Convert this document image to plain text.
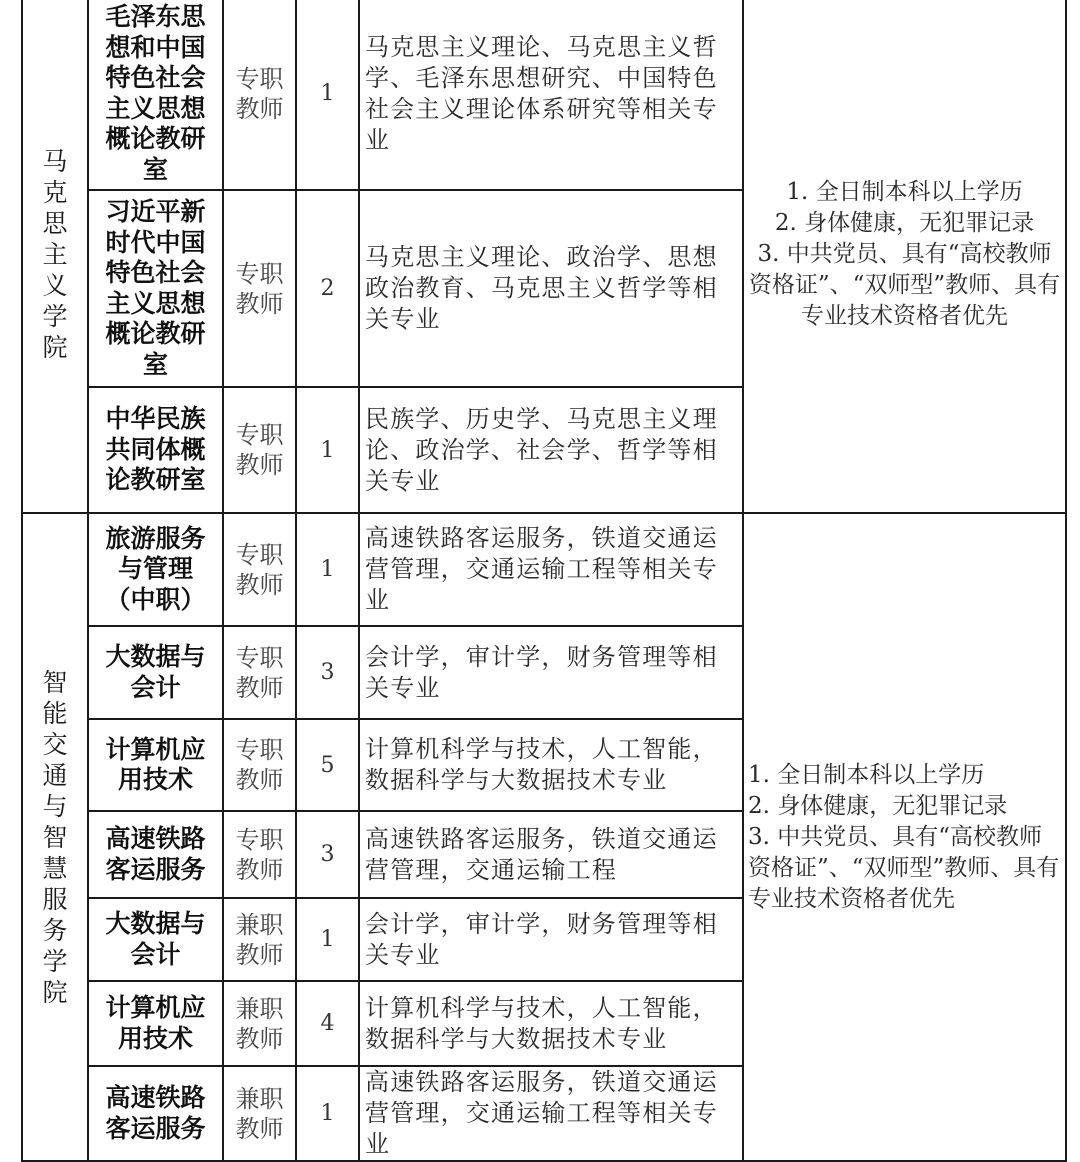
马克思主义学院	毛泽东思想和中国特色社会主义思想概论教研室	专职教师	1	马克思主义理论、马克思主义哲学、毛泽东思想研究、中国特色社会主义理论体系研究等相关专业	1. 全日制本科以上学历
2. 身体健康，无犯罪记录
3. 中共党员、具有“高校教师资格证”、“双师型”教师、具有专业技术资格者优先

	习近平新时代中国特色社会主义思想概论教研室	专职教师	2	马克思主义理论、政治学、思想政治教育、马克思主义哲学等相关专业	
	中华民族共同体概论教研室	专职教师	1	民族学、历史学、马克思主义理论、政治学、社会学、哲学等相关专业	
智能交通与智慧服务学院	旅游服务与管理（中职）	专职教师	1	高速铁路客运服务，铁道交通运营管理，交通运输工程等相关专业	1. 全日制本科以上学历
2. 身体健康，无犯罪记录
3. 中共党员、具有“高校教师资格证”、“双师型”教师、具有专业技术资格者优先

	大数据与会计	专职教师	3	会计学，审计学，财务管理等相关专业	
	计算机应用技术	专职教师	5	计算机科学与技术，人工智能，数据科学与大数据技术专业	
	高速铁路客运服务	专职教师	3	高速铁路客运服务，铁道交通运营管理，交通运输工程	
	大数据与会计	兼职教师	1	会计学，审计学，财务管理等相关专业	
	计算机应用技术	兼职教师	4	计算机科学与技术，人工智能，数据科学与大数据技术专业	
	高速铁路客运服务	兼职教师	1	高速铁路客运服务，铁道交通运营管理，交通运输工程等相关专业	
